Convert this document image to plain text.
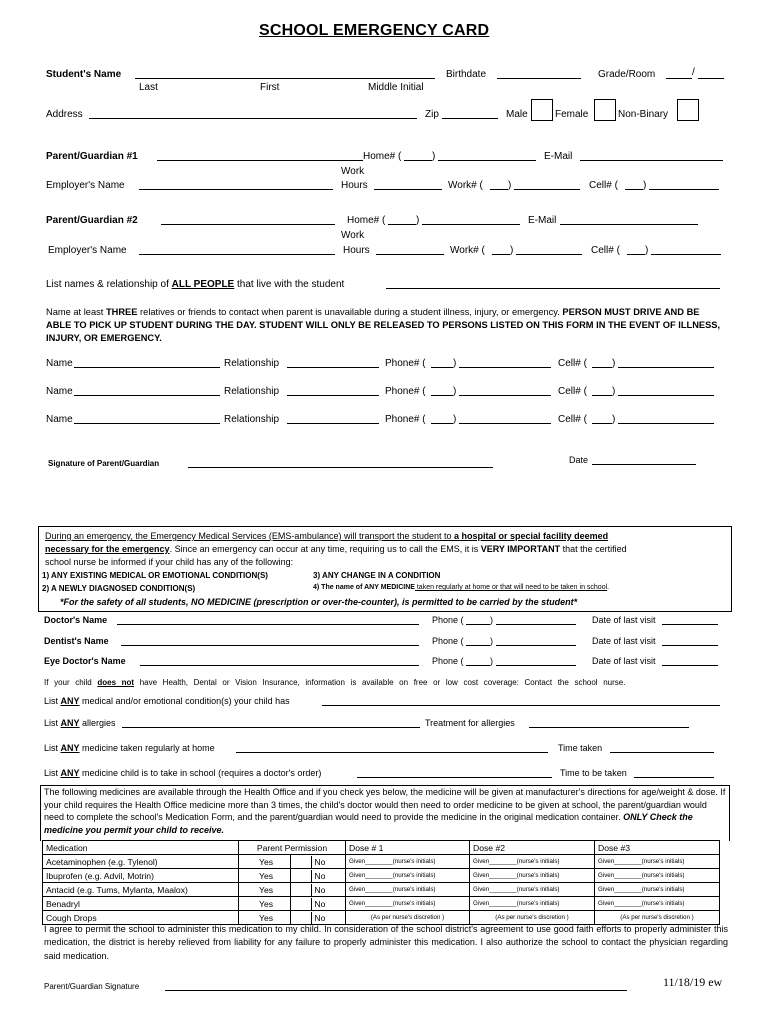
SCHOOL EMERGENCY CARD
Student's Name	Birthdate	Grade/Room	/
Last	First	Middle Initial
Address	Zip	Male	Female	Non-Binary
Parent/Guardian #1	Home# (	)	E-Mail
Work
Employer's Name	Hours	Work# (	)	Cell# (	)
Parent/Guardian #2	Home# (	)	E-Mail
Work
Employer's Name	Hours	Work# (	)	Cell# (	)
List names & relationship of ALL PEOPLE that live with the student
Name at least THREE relatives or friends to contact when parent is unavailable during a student illness, injury, or emergency. PERSON MUST DRIVE AND BE ABLE TO PICK UP STUDENT DURING THE DAY. STUDENT WILL ONLY BE RELEASED TO PERSONS LISTED ON THIS FORM IN THE EVENT OF ILLNESS, INJURY, OR EMERGENCY.
Name	Relationship	Phone# (	)	Cell# (	)
Name	Relationship	Phone# (	)	Cell# (	)
Name	Relationship	Phone# (	)	Cell# (	)
Signature of Parent/Guardian	Date
During an emergency, the Emergency Medical Services (EMS-ambulance) will transport the student to a hospital or special facility deemed
necessary for the emergency. Since an emergency can occur at any time, requiring us to call the EMS, it is VERY IMPORTANT that the certified
school nurse be informed if your child has any of the following:
1) ANY EXISTING MEDICAL OR EMOTIONAL CONDITION(S)	3) ANY CHANGE IN A CONDITION
2) A NEWLY DIAGNOSED CONDITION(S)	4) The name of ANY MEDICINE taken regularly at home or that will need to be taken in school.
*For the safety of all students, NO MEDICINE (prescription or over-the-counter), is permitted to be carried by the student*
Doctor's Name	Phone (	)	Date of last visit
Dentist's Name	Phone (	)	Date of last visit
Eye Doctor's Name	Phone (	)	Date of last visit
If your child does not have Health, Dental or Vision Insurance, information is available on free or low cost coverage: Contact the school nurse.
List ANY medical and/or emotional condition(s) your child has
List ANY allergies	Treatment for allergies
List ANY medicine taken regularly at home	Time taken
List ANY medicine child is to take in school (requires a doctor's order)	Time to be taken
The following medicines are available through the Health Office and if you check yes below, the medicine will be given at manufacturer's directions for age/weight & dose. If your child requires the Health Office medicine more than 3 times, the child's doctor would then need to order medicine to be given at school, the parent/guardian would need to complete the school's Medication Form, and the parent/guardian would need to provide the medicine in the original medication container. ONLY Check the medicine you permit your child to receive.
Medication	Parent Permission		Dose # 1	Dose #2	Dose #3
Acetaminophen (e.g. Tylenol)	Yes	No	Given________(nurse's initials)	Given________(nurse's initials)	Given________(nurse's initials)
Ibuprofen (e.g. Advil, Motrin)	Yes	No	Given________(nurse's initials)	Given________(nurse's initials)	Given________(nurse's initials)
Antacid (e.g. Tums, Mylanta, Maalox)	Yes	No	Given________(nurse's initials)	Given________(nurse's initials)	Given________(nurse's initials)
Benadryl	Yes	No	Given________(nurse's initials)	Given________(nurse's initials)	Given________(nurse's initials)
Cough Drops	Yes	No	(As per nurse's discretion )	(As per nurse's discretion )	(As per nurse's discretion )
I agree to permit the school to administer this medication to my child. In consideration of the school district's agreement to use good faith efforts to properly administer this medication, the district is hereby relieved from liability for any failure to properly administer this medication. I also authorize the school to contact the physician regarding said medication.
Parent/Guardian Signature	11/18/19 ew
